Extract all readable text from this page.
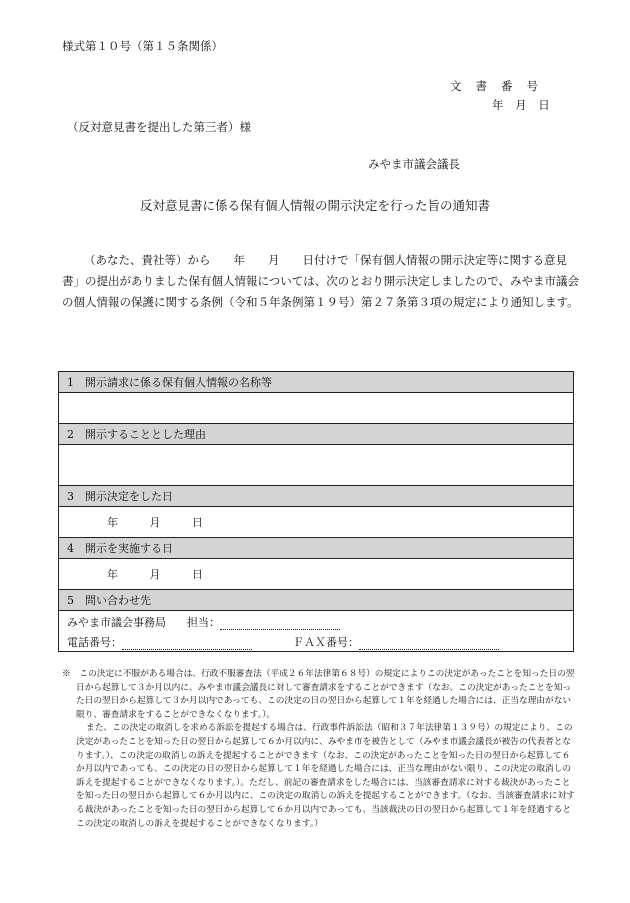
様式第１０号（第１５条関係）
文書番号
年 月 日
（反対意見書を提出した第三者）様
みやま市議会議長
反対意見書に係る保有個人情報の開示決定を行った旨の通知書
（あなた、貴社等）から　　年　　月　　日付けで「保有個人情報の開示決定等に関する意見書」の提出がありました保有個人情報については、次のとおり開示決定しましたので、みやま市議会の個人情報の保護に関する条例（令和５年条例第１９号）第２７条第３項の規定により通知します。
1　開示請求に係る保有個人情報の名称等

2　開示することとした理由

3　開示決定をした日
年 月 日
4　開示を実施する日
年 月 日
5　問い合わせ先
みやま市議会事務局 担当：
電話番号：	ＦＡＸ番号：

※　この決定に不服がある場合は、行政不服審査法（平成２６年法律第６８号）の規定によりこの決定があったことを知った日の翌日から起算して３か月以内に、みやま市議会議長に対して審査請求をすることができます（なお、この決定があったことを知った日の翌日から起算して３か月以内であっても、この決定の日の翌日から起算して１年を経過した場合には、正当な理由がない限り、審査請求をすることができなくなります。）。

また、この決定の取消しを求める訴訟を提起する場合は、行政事件訴訟法（昭和３７年法律第１３９号）の規定により、この決定があったことを知った日の翌日から起算して６か月以内に、みやま市を被告として（みやま市議会議長が被告の代表者となります。）、この決定の取消しの訴えを提起することができます（なお、この決定があったことを知った日の翌日から起算して６か月以内であっても、この決定の日の翌日から起算して１年を経過した場合には、正当な理由がない限り、この決定の取消しの訴えを提起することができなくなります。）。ただし、前記の審査請求をした場合には、当該審査請求に対する裁決があったことを知った日の翌日から起算して６か月以内に、この決定の取消しの訴えを提起することができます。（なお、当該審査請求に対する裁決があったことを知った日の翌日から起算して６か月以内であっても、当該裁決の日の翌日から起算して１年を経過するとこの決定の取消しの訴えを提起することができなくなります。）
